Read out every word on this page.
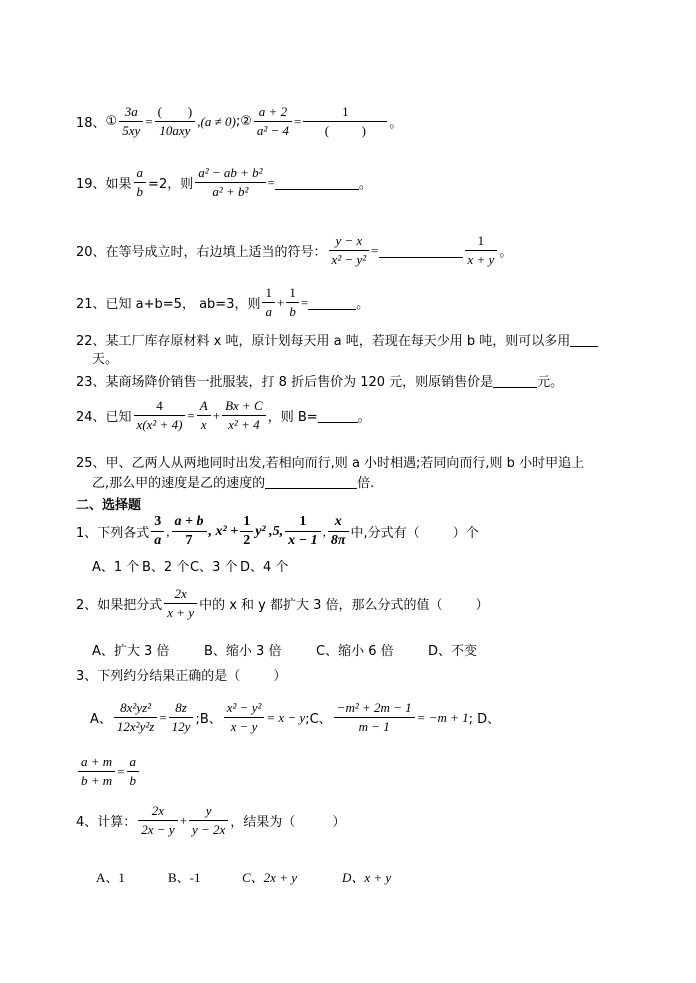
18、 ① $\frac{3a}{5xy} = \frac{( )}{\text{10axy}} ,(a \ne 0)$ ; ② $\frac{a + 2}{\text{a² − 4}} = \frac{1}{( )}$ 。
19、如果 $\frac{a}{b} =2$，则 $\frac{\text{a² − ab + b²}}{\text{a² + b²}}$ =	。
20、在等号成立时，右边填上适当的符号： $\frac{y - x}{\text{x² − y²}}$ =	$\frac{1}{x + y}$ 。
21、已知 a+b=5， ab=3，则 $\frac{1}{a} + \frac{1}{b}$ =	。
22、某工厂库存原材料 x 吨，原计划每天用 a 吨，若现在每天少用 b 吨，则可以多用
天。
23、某商场降价销售一批服装，打 8 折后售价为 120 元，则原销售价是	元。
24、已知 $\frac{4}{\text{x(x² + 4)}} = \frac{A}{x} + \frac{Bx + C}{\text{x² + 4}}$ ，则 B=	。
25、甲、乙两人从两地同时出发,若相向而行,则 a 小时相遇;若同向而行,则 b 小时甲追上
乙,那么甲的速度是乙的速度的	倍.
二、选择题
1、下列各式 $\frac{3}{a}$ , $\frac{a + b}{7}$ , $x^2 + \frac{1}{2} y^2$ ,5, $\frac{1}{x - 1}$ , $\frac{x}{8\pi}$ 中,分式有（        ）个
A、1 个 B、2 个 C、3 个 D、4 个
2、如果把分式 $\frac{2x}{x + y}$ 中的 x 和 y 都扩大 3 倍，那么分式的值（        ）
A、扩大 3 倍	B、缩小 3 倍	C、缩小 6 倍	D、不变
3、下列约分结果正确的是（        ）
A、 $\frac{\text{8x²yz²}}{\text{12x²y²z}} = \frac{8z}{12y}$ ;B、 $\frac{\text{x² − y²}}{x - y} = x - y$ ;C、 $\frac{\text{−m² + 2m − 1}}{m - 1} = -m + 1$ ; D、
$\frac{a + m}{b + m} = \frac{a}{b}$
4、计算： $\frac{2x}{2x - y} + \frac{y}{y - 2x}$ ，结果为（         ）
A、1	B、-1	C、2x + y	D、x + y
